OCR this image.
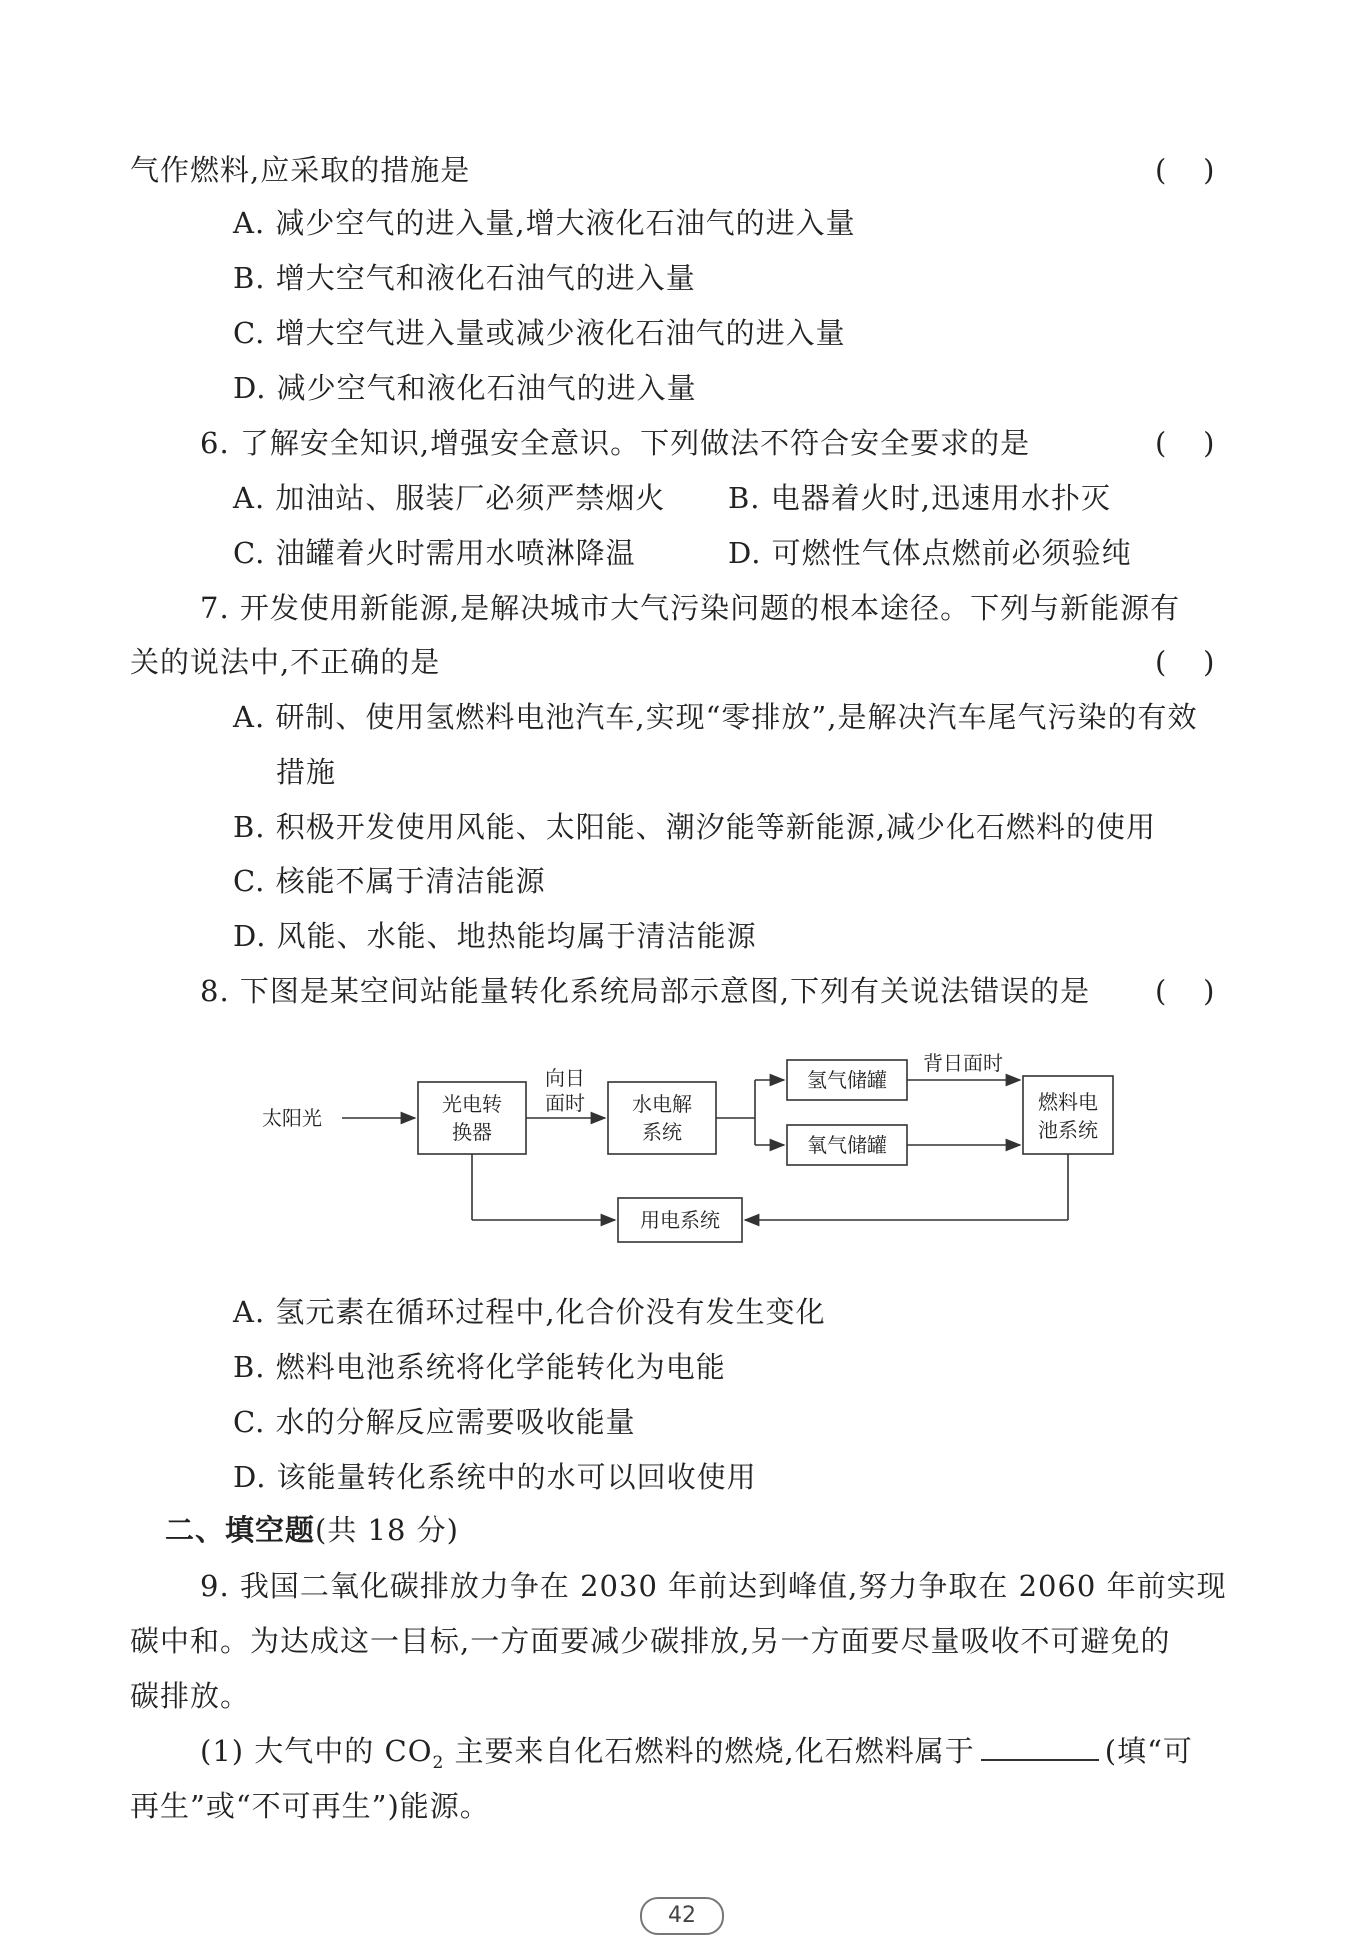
气作燃料,应采取的措施是	(    )
A. 减少空气的进入量,增大液化石油气的进入量
B. 增大空气和液化石油气的进入量
C. 增大空气进入量或减少液化石油气的进入量
D. 减少空气和液化石油气的进入量
6. 了解安全知识,增强安全意识。下列做法不符合安全要求的是	(    )
A. 加油站、服装厂必须严禁烟火 B. 电器着火时,迅速用水扑灭
C. 油罐着火时需用水喷淋降温	D. 可燃性气体点燃前必须验纯
7. 开发使用新能源,是解决城市大气污染问题的根本途径。下列与新能源有
关的说法中,不正确的是	(    )
A. 研制、使用氢燃料电池汽车,实现“零排放”,是解决汽车尾气污染的有效
措施
B. 积极开发使用风能、太阳能、潮汐能等新能源,减少化石燃料的使用
C. 核能不属于清洁能源
D. 风能、水能、地热能均属于清洁能源
8. 下图是某空间站能量转化系统局部示意图,下列有关说法错误的是 (    )
太阳光
光电转
换器
向日
面时 水电解
系统
氢气储罐
氧气储罐
背日面时
燃料电
池系统
用电系统
A. 氢元素在循环过程中,化合价没有发生变化
B. 燃料电池系统将化学能转化为电能
C. 水的分解反应需要吸收能量
D. 该能量转化系统中的水可以回收使用
二、填空题(共 18 分)
9. 我国二氧化碳排放力争在 2030 年前达到峰值,努力争取在 2060 年前实现
碳中和。为达成这一目标,一方面要减少碳排放,另一方面要尽量吸收不可避免的
碳排放。
(1) 大气中的 $CO_2$ 主要来自化石燃料的燃烧,化石燃料属于	(填“可
再生”或“不可再生”)能源。
42
